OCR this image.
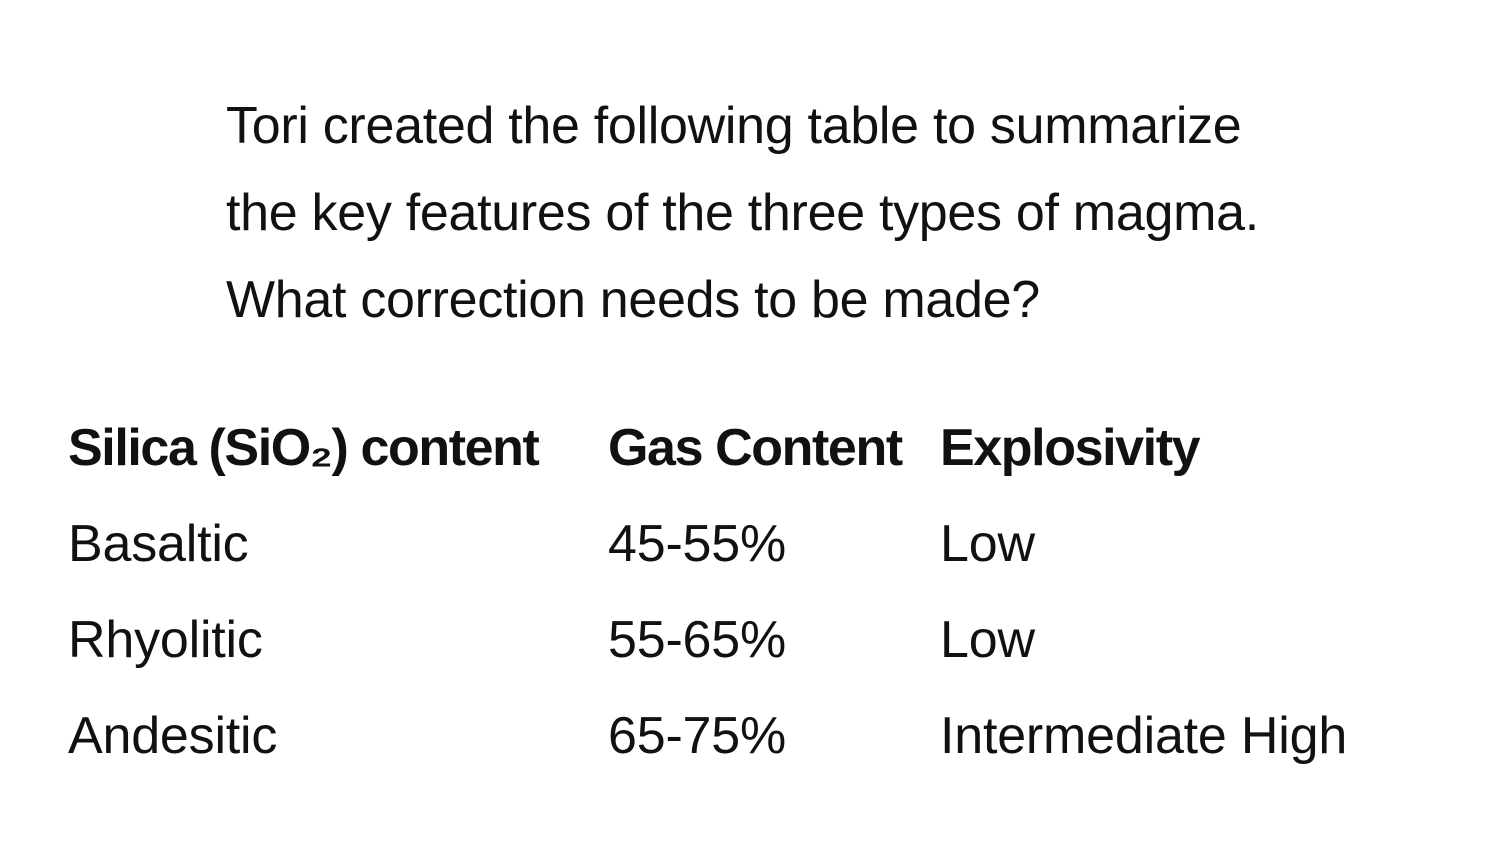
Tori created the following table to summarize
the key features of the three types of magma.
What correction needs to be made?
Silica (SiO₂) content	Gas Content	Explosivity
Basaltic	45-55%	Low
Rhyolitic	55-65%	Low
Andesitic	65-75%	Intermediate High
